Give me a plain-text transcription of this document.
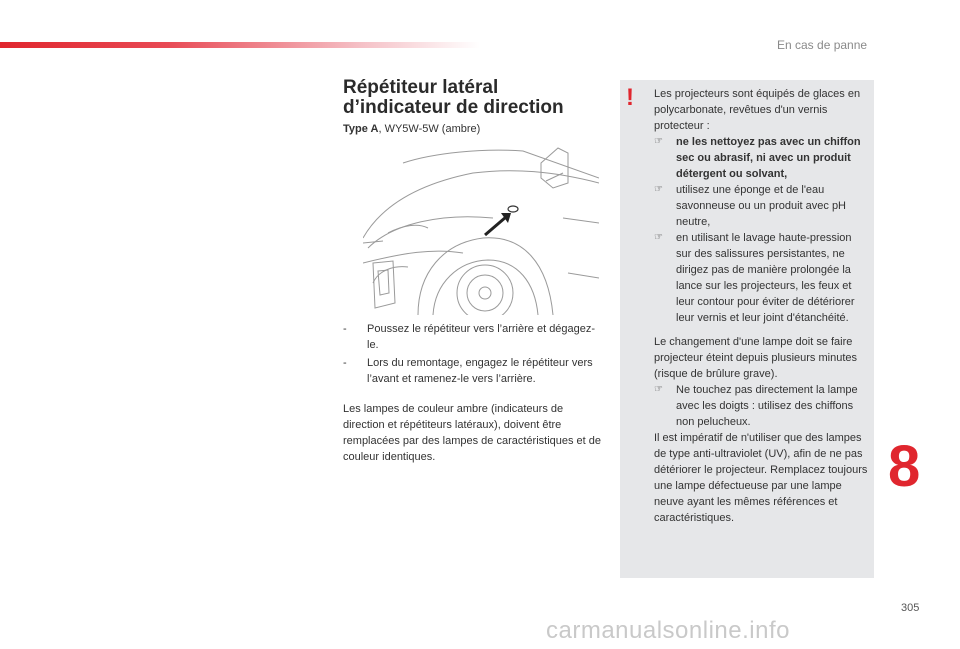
En cas de panne
Répétiteur latéral
d’indicateur de direction
Type A, WY5W-5W (ambre)
- Poussez le répétiteur vers l’arrière et dégagez-le.
- Lors du remontage, engagez le répétiteur vers l’avant et ramenez-le vers l’arrière.

Les lampes de couleur ambre (indicateurs de direction et répétiteurs latéraux), doivent être remplacées par des lampes de caractéristiques et de couleur identiques.

! Les projecteurs sont équipés de glaces en polycarbonate, revêtues d'un vernis protecteur :

☞ ne les nettoyez pas avec un chiffon sec ou abrasif, ni avec un produit détergent ou solvant,
☞ utilisez une éponge et de l'eau savonneuse ou un produit avec pH neutre,
☞ en utilisant le lavage haute-pression sur des salissures persistantes, ne dirigez pas de manière prolongée la lance sur les projecteurs, les feux et leur contour pour éviter de détériorer leur vernis et leur joint d'étanchéité.

Le changement d'une lampe doit se faire projecteur éteint depuis plusieurs minutes (risque de brûlure grave).

☞ Ne touchez pas directement la lampe avec les doigts : utilisez des chiffons non pelucheux.

Il est impératif de n'utiliser que des lampes de type anti-ultraviolet (UV), afin de ne pas détériorer le projecteur. Remplacez toujours une lampe défectueuse par une lampe neuve ayant les mêmes références et caractéristiques.

8
305
carmanualsonline.info
